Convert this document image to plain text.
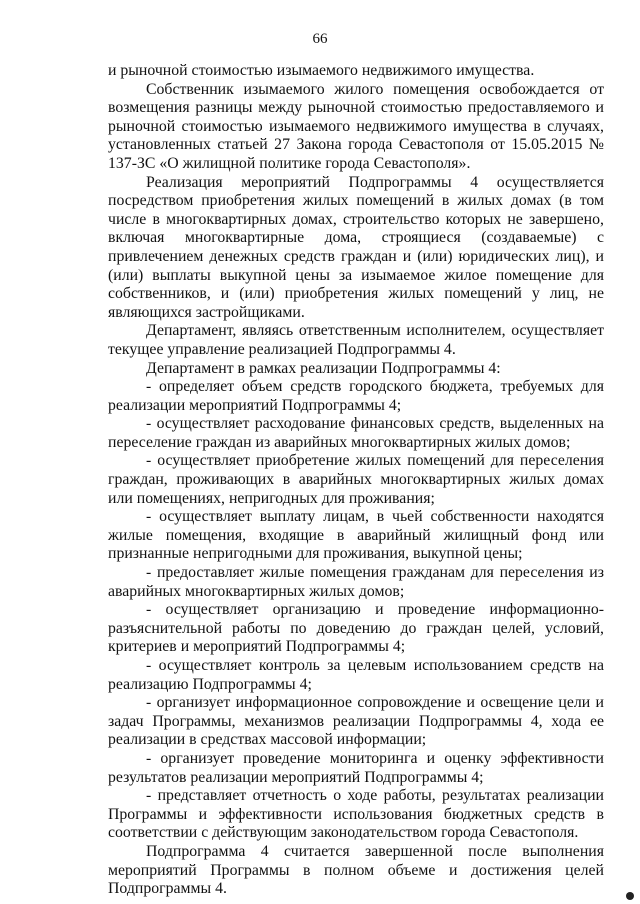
66

и рыночной стоимостью изымаемого недвижимого имущества.

Собственник изымаемого жилого помещения освобождается от возмещения разницы между рыночной стоимостью предоставляемого и рыночной стоимостью изымаемого недвижимого имущества в случаях, установленных статьей 27 Закона города Севастополя от 15.05.2015 № 137-ЗС «О жилищной политике города Севастополя».

Реализация мероприятий Подпрограммы 4 осуществляется посредством приобретения жилых помещений в жилых домах (в том числе в многоквартирных домах, строительство которых не завершено, включая многоквартирные дома, строящиеся (создаваемые) с привлечением денежных средств граждан и (или) юридических лиц), и (или) выплаты выкупной цены за изымаемое жилое помещение для собственников, и (или) приобретения жилых помещений у лиц, не являющихся застройщиками.

Департамент, являясь ответственным исполнителем, осуществляет текущее управление реализацией Подпрограммы 4.

Департамент в рамках реализации Подпрограммы 4:

- определяет объем средств городского бюджета, требуемых для реализации мероприятий Подпрограммы 4;

- осуществляет расходование финансовых средств, выделенных на переселение граждан из аварийных многоквартирных жилых домов;

- осуществляет приобретение жилых помещений для переселения граждан, проживающих в аварийных многоквартирных жилых домах или помещениях, непригодных для проживания;

- осуществляет выплату лицам, в чьей собственности находятся жилые помещения, входящие в аварийный жилищный фонд или признанные непригодными для проживания, выкупной цены;

- предоставляет жилые помещения гражданам для переселения из аварийных многоквартирных жилых домов;

- осуществляет организацию и проведение информационно-разъяснительной работы по доведению до граждан целей, условий, критериев и мероприятий Подпрограммы 4;

- осуществляет контроль за целевым использованием средств на реализацию Подпрограммы 4;

- организует информационное сопровождение и освещение цели и задач Программы, механизмов реализации Подпрограммы 4, хода ее реализации в средствах массовой информации;

- организует проведение мониторинга и оценку эффективности результатов реализации мероприятий Подпрограммы 4;

- представляет отчетность о ходе работы, результатах реализации Программы и эффективности использования бюджетных средств в соответствии с действующим законодательством города Севастополя.

Подпрограмма 4 считается завершенной после выполнения мероприятий Программы в полном объеме и достижения целей Подпрограммы 4.
